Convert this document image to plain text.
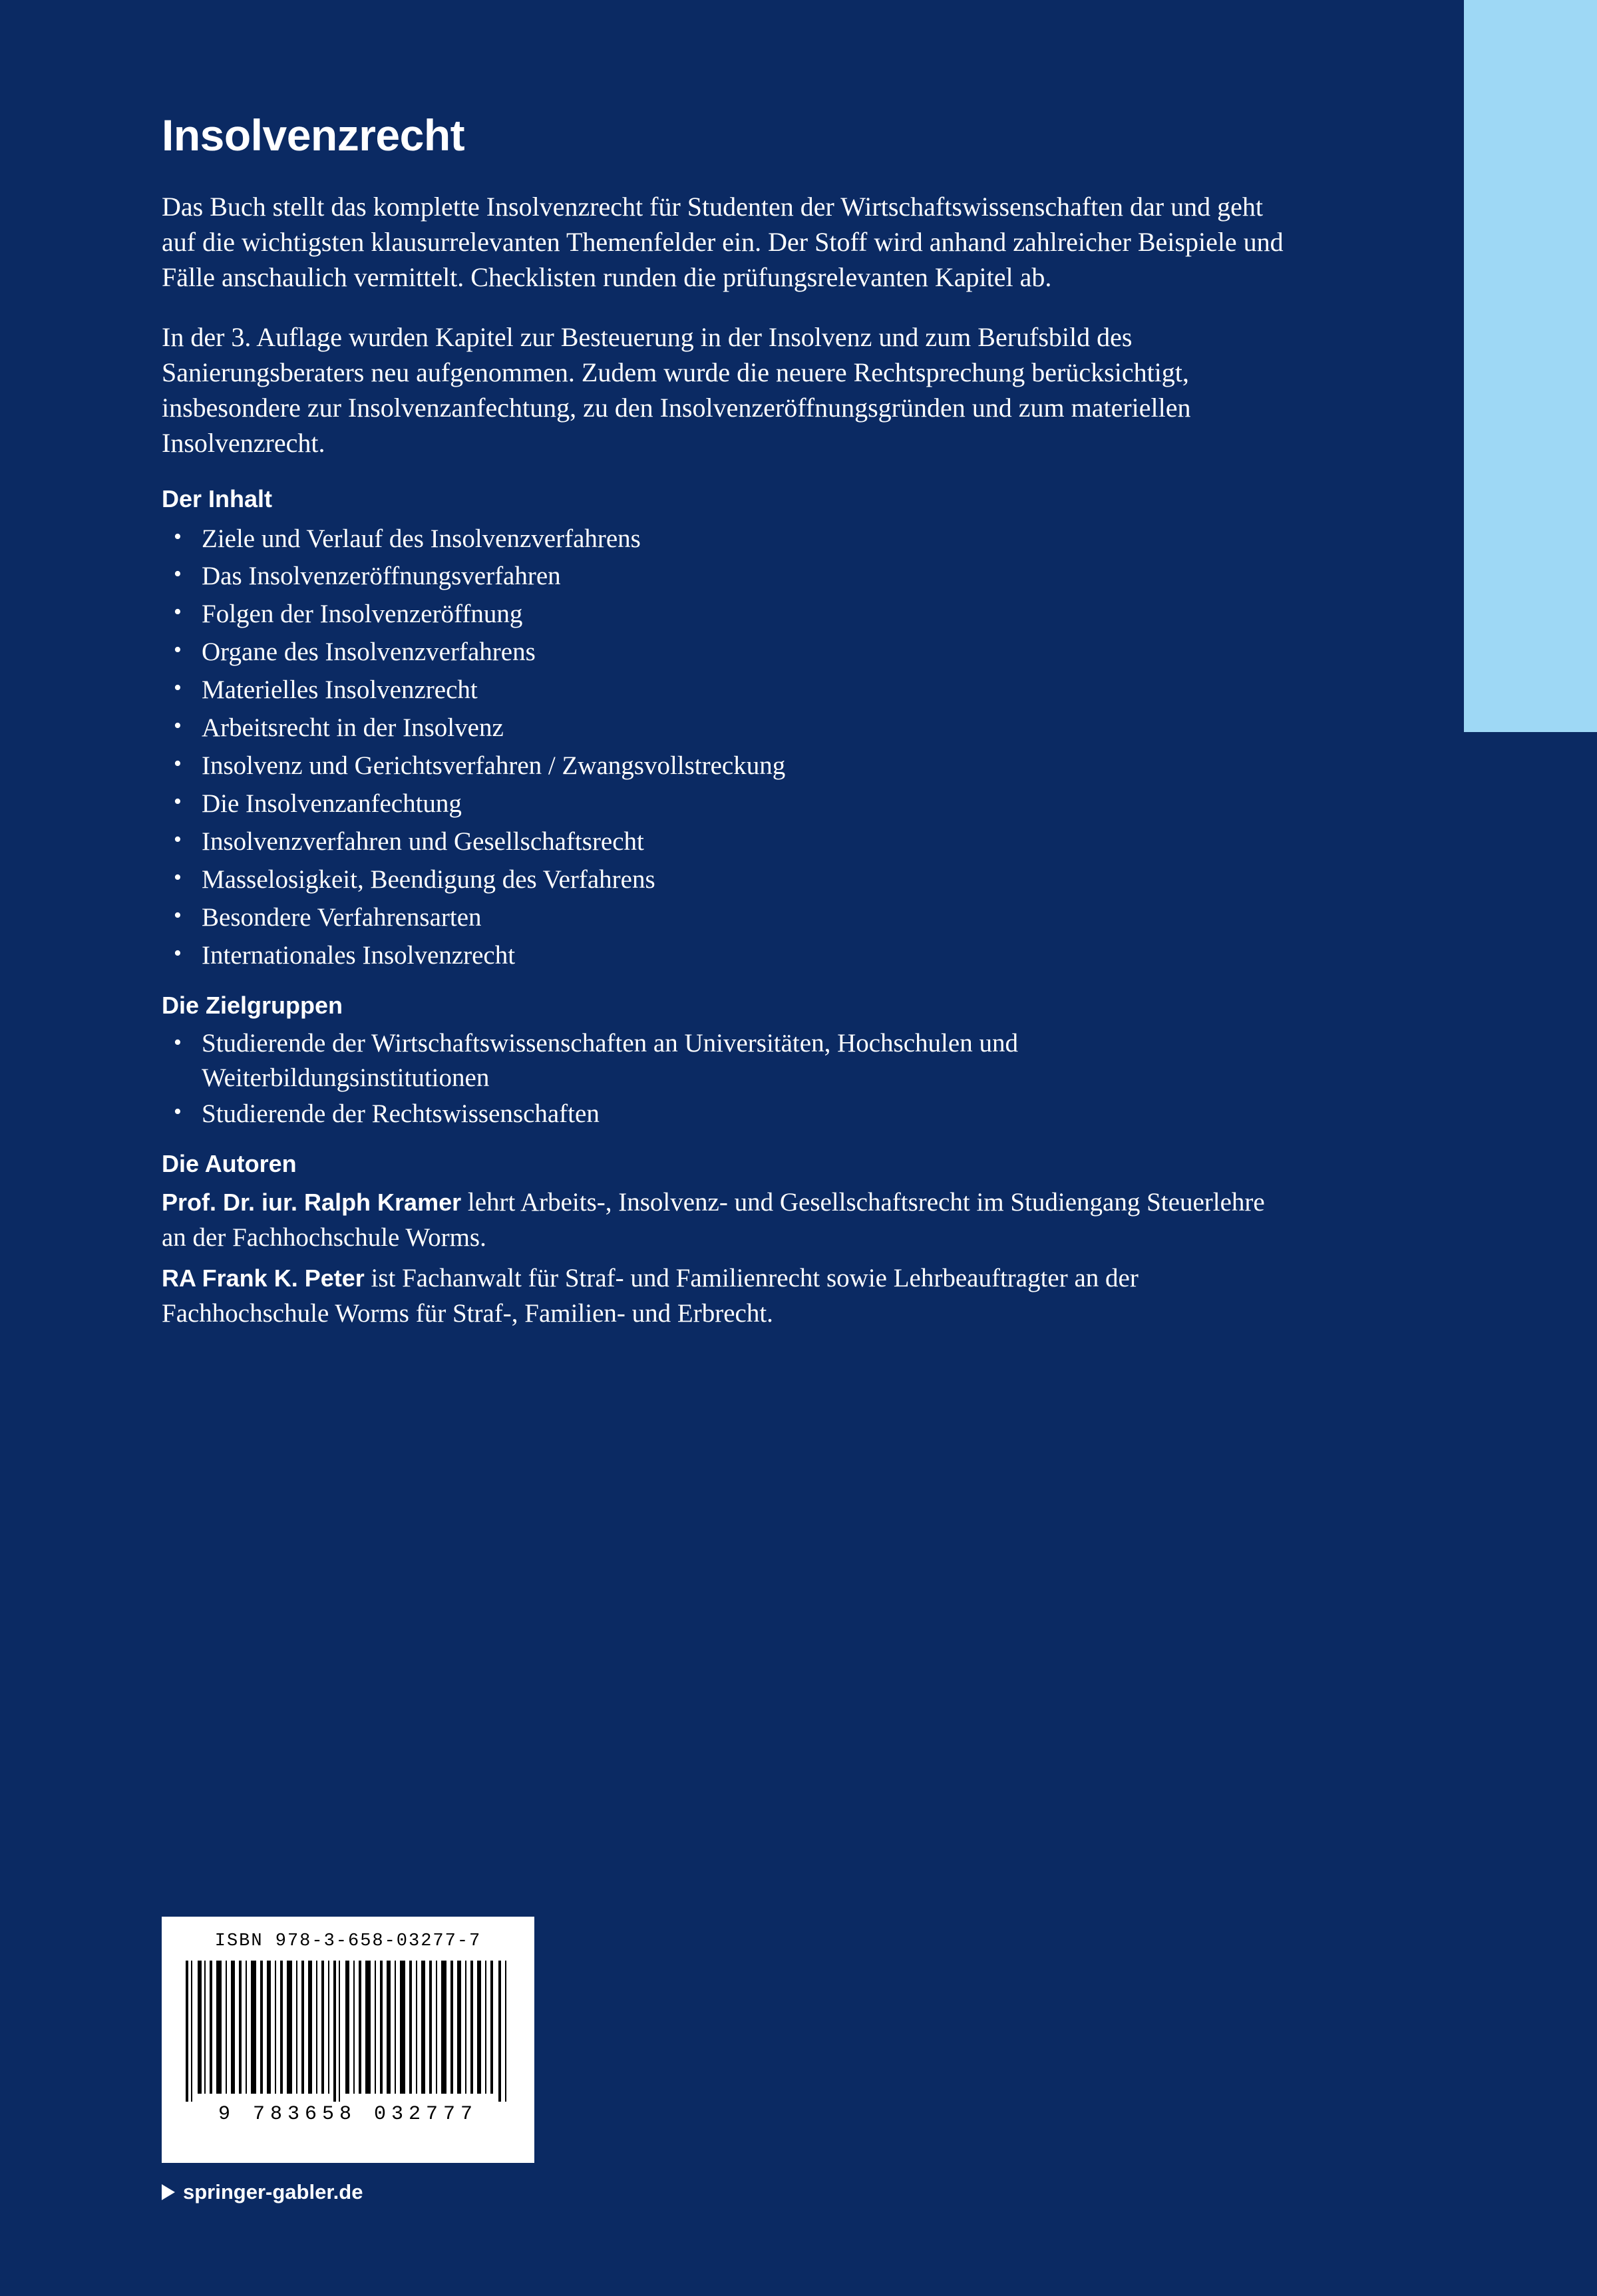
Insolvenzrecht

Das Buch stellt das komplette Insolvenzrecht für Studenten der Wirtschaftswissenschaften dar und geht auf die wichtigsten klausurrelevanten Themenfelder ein. Der Stoff wird anhand zahlreicher Beispiele und Fälle anschaulich vermittelt. Checklisten runden die prüfungsrelevanten Kapitel ab.

In der 3. Auflage wurden Kapitel zur Besteuerung in der Insolvenz und zum Berufsbild des Sanierungsberaters neu aufgenommen. Zudem wurde die neuere Rechtsprechung berücksichtigt, insbesondere zur Insolvenzanfechtung, zu den Insolvenzeröffnungsgründen und zum materiellen Insolvenzrecht.

Der Inhalt
• Ziele und Verlauf des Insolvenzverfahrens
• Das Insolvenzeröffnungsverfahren
• Folgen der Insolvenzeröffnung
• Organe des Insolvenzverfahrens
• Materielles Insolvenzrecht
• Arbeitsrecht in der Insolvenz
• Insolvenz und Gerichtsverfahren / Zwangsvollstreckung
• Die Insolvenzanfechtung
• Insolvenzverfahren und Gesellschaftsrecht
• Masselosigkeit, Beendigung des Verfahrens
• Besondere Verfahrensarten
• Internationales Insolvenzrecht
Die Zielgruppen
• Studierende der Wirtschaftswissenschaften an Universitäten, Hochschulen und Weiterbildungsinstitutionen
• Studierende der Rechtswissenschaften
Die Autoren

Prof. Dr. iur. Ralph Kramer lehrt Arbeits-, Insolvenz- und Gesellschaftsrecht im Studiengang Steuerlehre an der Fachhochschule Worms.

RA Frank K. Peter ist Fachanwalt für Straf- und Familienrecht sowie Lehrbeauftragter an der Fachhochschule Worms für Straf-, Familien- und Erbrecht.

ISBN 978-3-658-03277-7
9 783658 032777
springer-gabler.de
